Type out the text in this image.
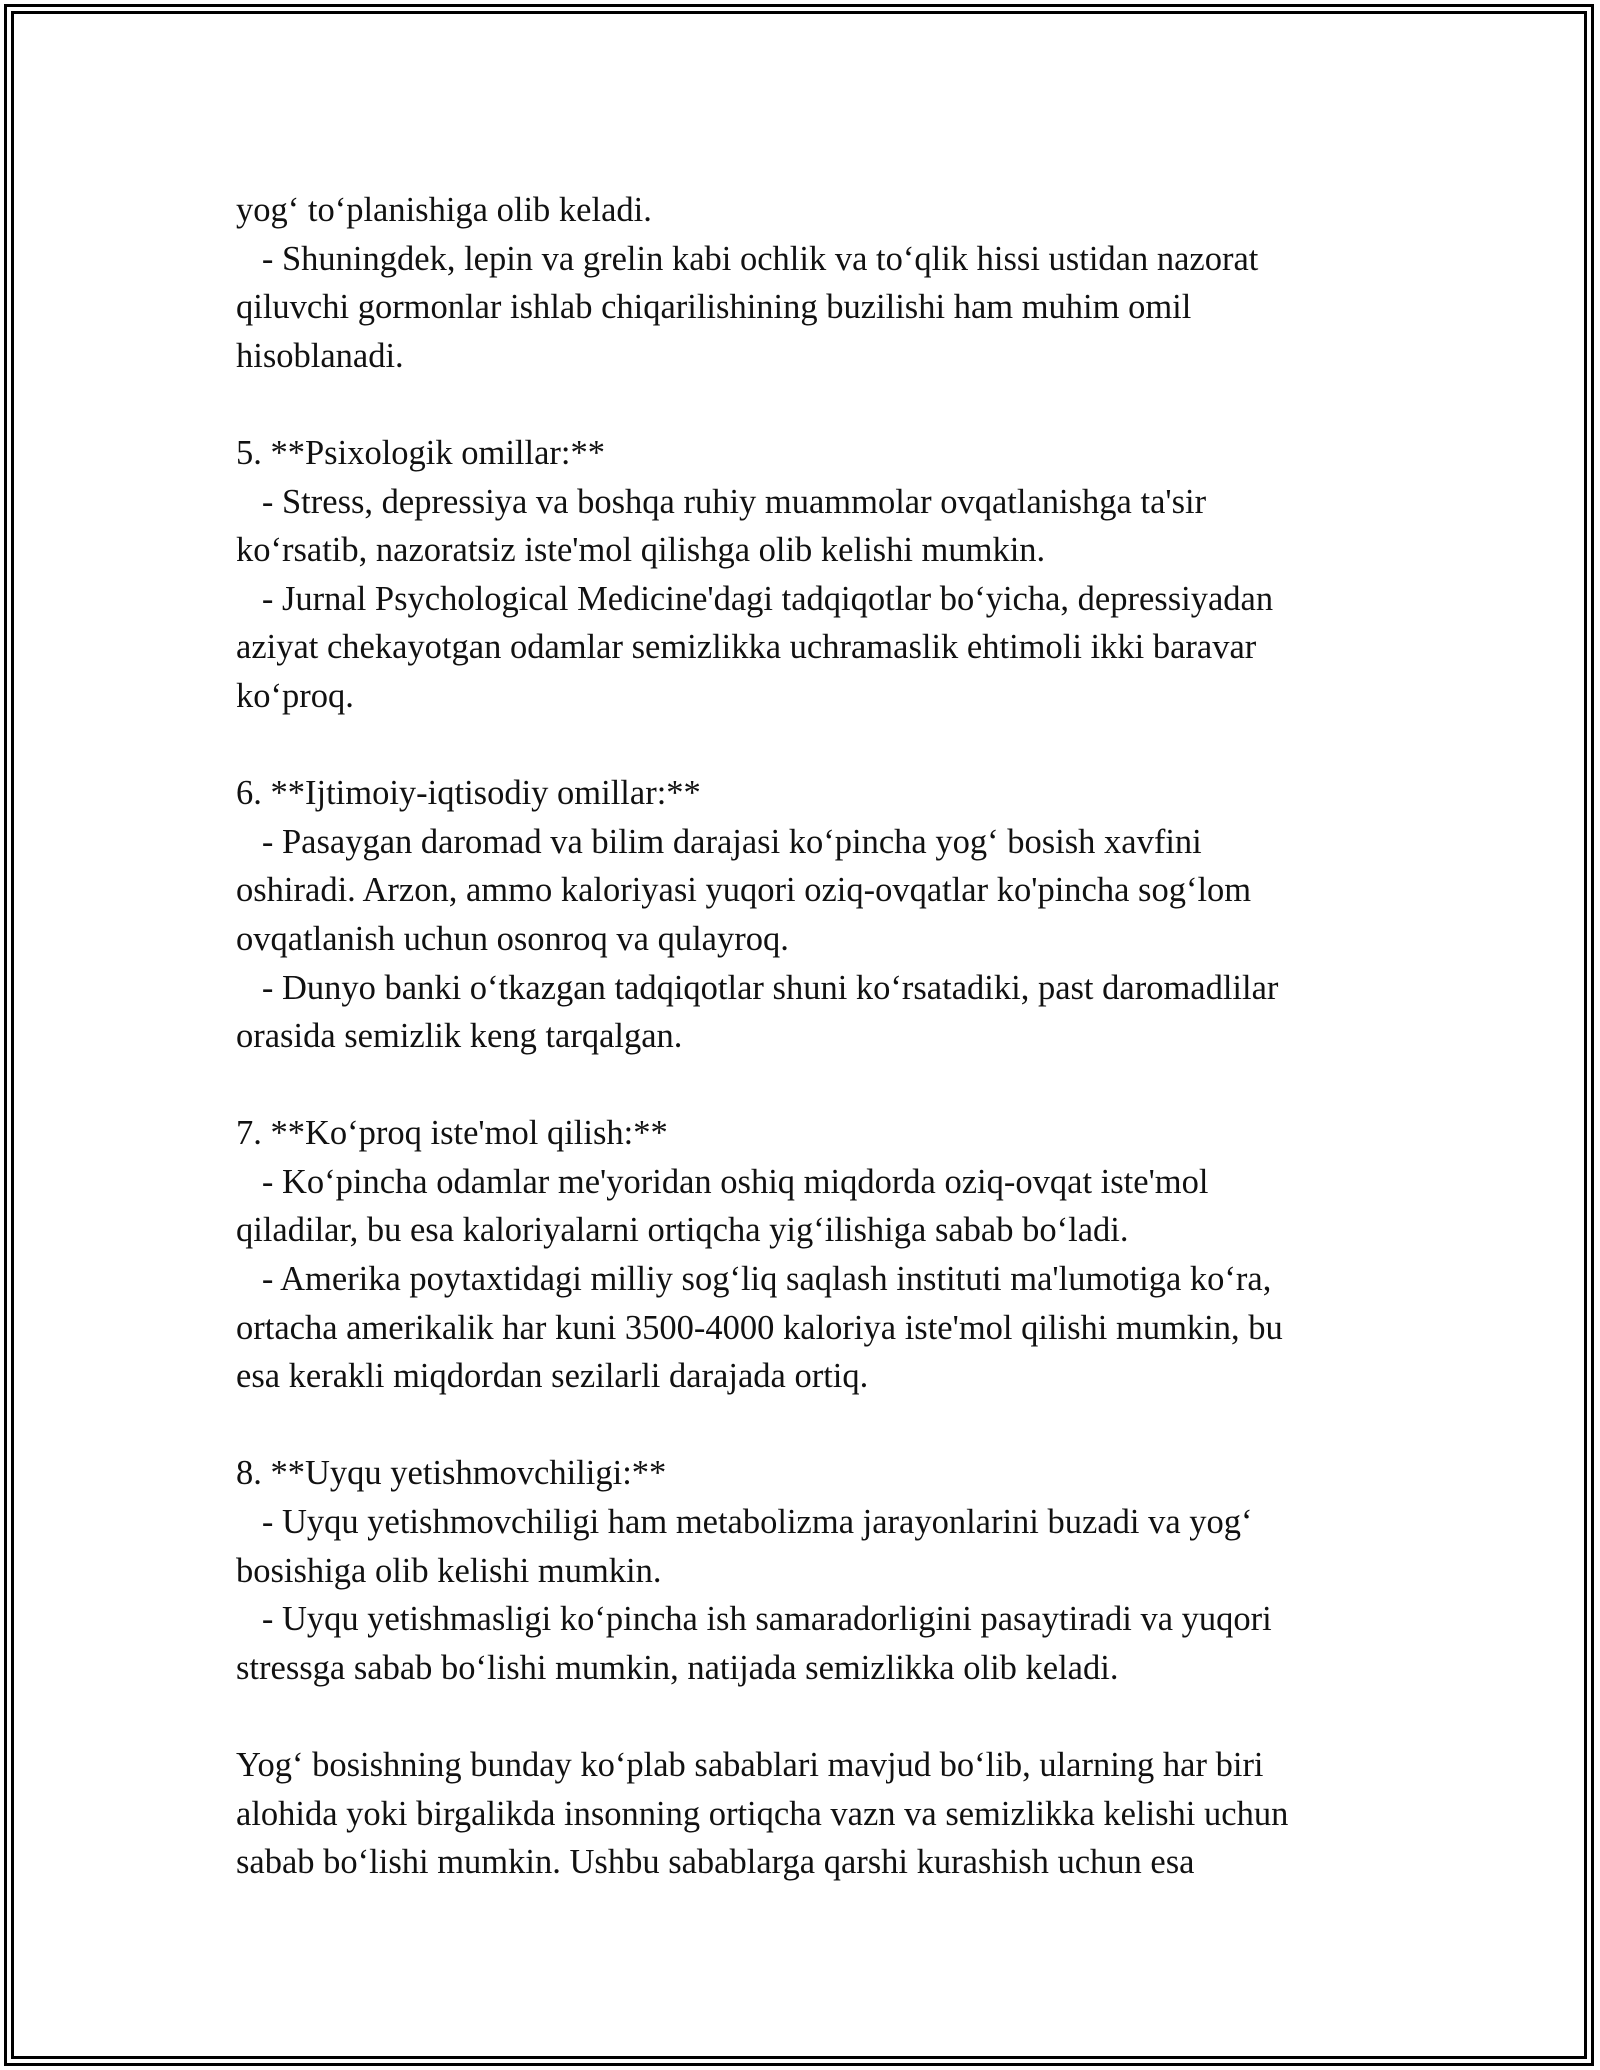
yog‘ to‘planishiga olib keladi.
- Shuningdek, lepin va grelin kabi ochlik va to‘qlik hissi ustidan nazorat
qiluvchi gormonlar ishlab chiqarilishining buzilishi ham muhim omil
hisoblanadi.

5. **Psixologik omillar:**
- Stress, depressiya va boshqa ruhiy muammolar ovqatlanishga ta'sir
ko‘rsatib, nazoratsiz iste'mol qilishga olib kelishi mumkin.
- Jurnal Psychological Medicine'dagi tadqiqotlar bo‘yicha, depressiyadan
aziyat chekayotgan odamlar semizlikka uchramaslik ehtimoli ikki baravar
ko‘proq.

6. **Ijtimoiy-iqtisodiy omillar:**
- Pasaygan daromad va bilim darajasi ko‘pincha yog‘ bosish xavfini
oshiradi. Arzon, ammo kaloriyasi yuqori oziq-ovqatlar ko'pincha sog‘lom
ovqatlanish uchun osonroq va qulayroq.
- Dunyo banki o‘tkazgan tadqiqotlar shuni ko‘rsatadiki, past daromadlilar
orasida semizlik keng tarqalgan.

7. **Ko‘proq iste'mol qilish:**
- Ko‘pincha odamlar me'yoridan oshiq miqdorda oziq-ovqat iste'mol
qiladilar, bu esa kaloriyalarni ortiqcha yig‘ilishiga sabab bo‘ladi.
- Amerika poytaxtidagi milliy sog‘liq saqlash instituti ma'lumotiga ko‘ra,
ortacha amerikalik har kuni 3500-4000 kaloriya iste'mol qilishi mumkin, bu
esa kerakli miqdordan sezilarli darajada ortiq.

8. **Uyqu yetishmovchiligi:**
- Uyqu yetishmovchiligi ham metabolizma jarayonlarini buzadi va yog‘
bosishiga olib kelishi mumkin.
- Uyqu yetishmasligi ko‘pincha ish samaradorligini pasaytiradi va yuqori
stressga sabab bo‘lishi mumkin, natijada semizlikka olib keladi.

Yog‘ bosishning bunday ko‘plab sabablari mavjud bo‘lib, ularning har biri
alohida yoki birgalikda insonning ortiqcha vazn va semizlikka kelishi uchun
sabab bo‘lishi mumkin. Ushbu sabablarga qarshi kurashish uchun esa
